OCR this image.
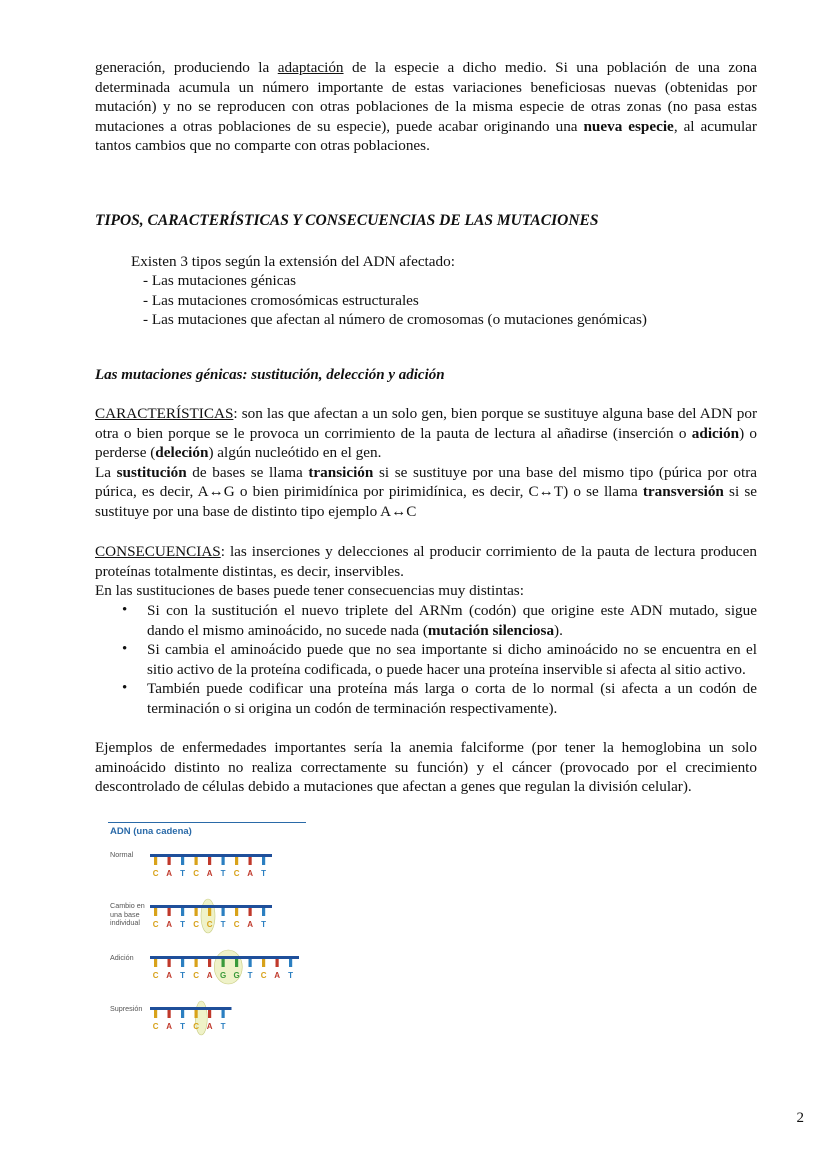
generación, produciendo la adaptación de la especie a dicho medio. Si una población de una zona determinada acumula un número importante de estas variaciones beneficiosas nuevas (obtenidas por mutación) y no se reproducen con otras poblaciones de la misma especie de otras zonas (no pasa estas mutaciones a otras poblaciones de su especie), puede acabar originando una nueva especie, al acumular tantos cambios que no comparte con otras poblaciones.

TIPOS, CARACTERÍSTICAS Y CONSECUENCIAS DE LAS MUTACIONES
Existen 3 tipos según la extensión del ADN afectado:
- Las mutaciones génicas
- Las mutaciones cromosómicas estructurales
- Las mutaciones que afectan al número de cromosomas (o mutaciones genómicas)
Las mutaciones génicas: sustitución, delección y adición

CARACTERÍSTICAS: son las que afectan a un solo gen, bien porque se sustituye alguna base del ADN por otra o bien porque se le provoca un corrimiento de la pauta de lectura al añadirse (inserción o adición) o perderse (deleción) algún nucleótido en el gen.
La sustitución de bases se llama transición si se sustituye por una base del mismo tipo (púrica por otra púrica, es decir, A↔G o bien pirimidínica por pirimidínica, es decir, C↔T) o se llama transversión si se sustituye por una base de distinto tipo ejemplo A↔C

CONSECUENCIAS: las inserciones y delecciones al producir corrimiento de la pauta de lectura producen proteínas totalmente distintas, es decir, inservibles.
En las sustituciones de bases puede tener consecuencias muy distintas:

• Si con la sustitución el nuevo triplete del ARNm (codón) que origine este ADN mutado, sigue dando el mismo aminoácido, no sucede nada (mutación silenciosa).
• Si cambia el aminoácido puede que no sea importante si dicho aminoácido no se encuentra en el sitio activo de la proteína codificada, o puede hacer una proteína inservible si afecta al sitio activo.
• También puede codificar una proteína más larga o corta de lo normal (si afecta a un codón de terminación o si origina un codón de terminación respectivamente).

Ejemplos de enfermedades importantes sería la anemia falciforme (por tener la hemoglobina un solo aminoácido distinto no realiza correctamente su función) y el cáncer (provocado por el crecimiento descontrolado de células debido a mutaciones que afectan a genes que regulan la división celular).

ADN (una cadena)
Normal
Cambio en una base individual
Adición
Supresión
C A T C A T C A T
C A T C C T C A T
C A T C A G G T C A T
C A T C A T
2
